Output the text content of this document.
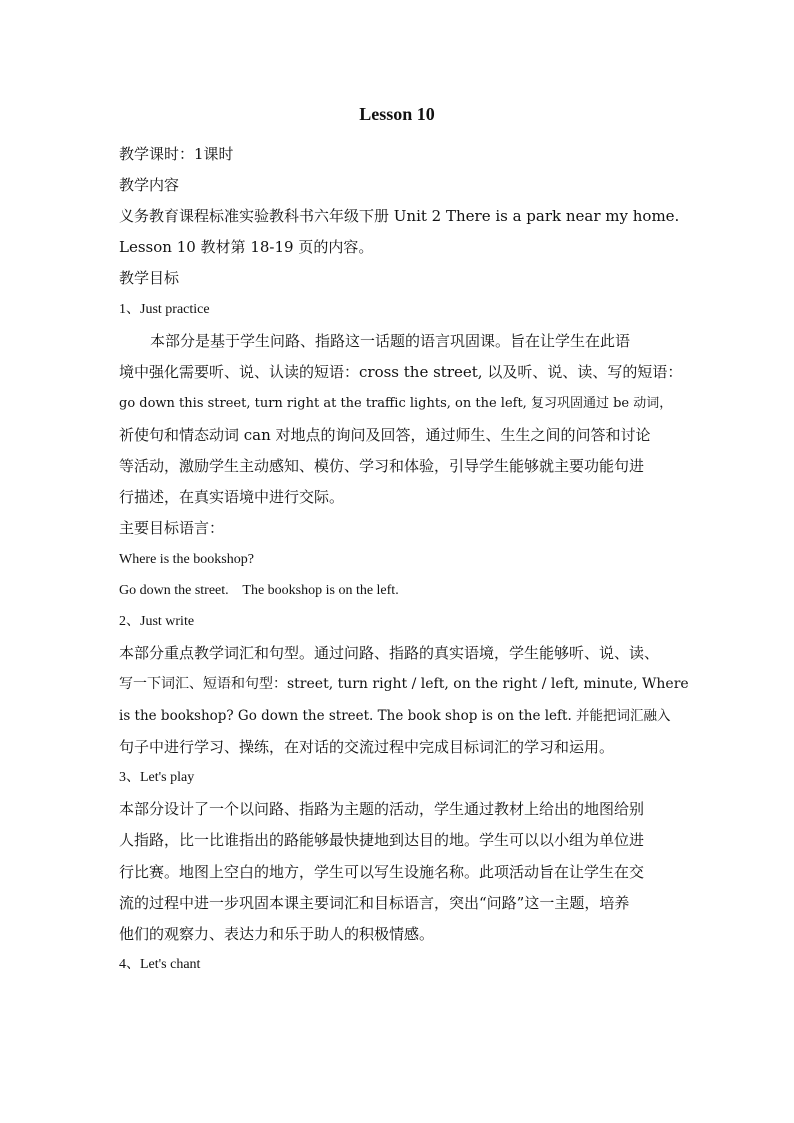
Lesson 10
教学课时：1课时
教学内容
义务教育课程标准实验教科书六年级下册 Unit 2 There is a park near my home.
Lesson 10 教材第 18-19 页的内容。
教学目标
1、Just practice
本部分是基于学生问路、指路这一话题的语言巩固课。旨在让学生在此语
境中强化需要听、说、认读的短语：cross the street, 以及听、说、读、写的短语：
go down this street, turn right at the traffic lights, on the left, 复习巩固通过 be 动词，
祈使句和情态动词 can 对地点的询问及回答，通过师生、生生之间的问答和讨论
等活动，激励学生主动感知、模仿、学习和体验，引导学生能够就主要功能句进
行描述，在真实语境中进行交际。
主要目标语言：
Where is the bookshop?
Go down the street.    The bookshop is on the left.
2、Just write
本部分重点教学词汇和句型。通过问路、指路的真实语境，学生能够听、说、读、
写一下词汇、短语和句型：street, turn right / left, on the right / left, minute, Where
is the bookshop? Go down the street. The book shop is on the left. 并能把词汇融入
句子中进行学习、操练，在对话的交流过程中完成目标词汇的学习和运用。
3、Let's play
本部分设计了一个以问路、指路为主题的活动，学生通过教材上给出的地图给别
人指路，比一比谁指出的路能够最快捷地到达目的地。学生可以以小组为单位进
行比赛。地图上空白的地方，学生可以写生设施名称。此项活动旨在让学生在交
流的过程中进一步巩固本课主要词汇和目标语言，突出“问路”这一主题，培养
他们的观察力、表达力和乐于助人的积极情感。
4、Let's chant
